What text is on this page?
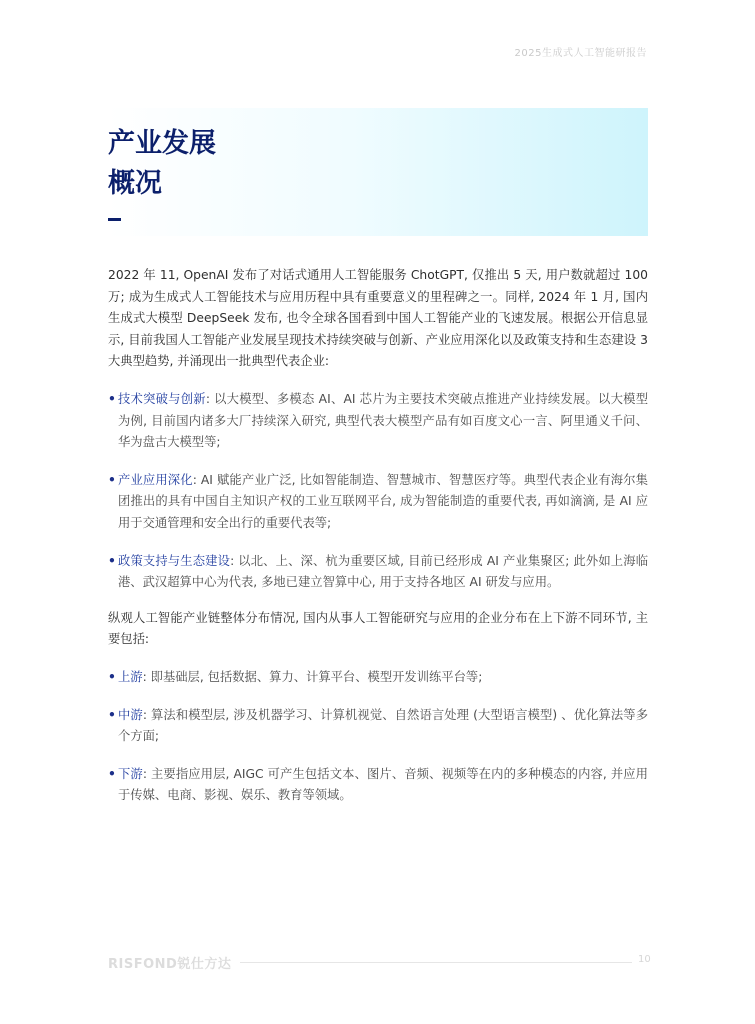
2025生成式人工智能研报告
产业发展
概况

2022 年 11, OpenAI 发布了对话式通用人工智能服务 ChotGPT, 仅推出 5 天, 用户数就超过 100 万; 成为生成式人工智能技术与应用历程中具有重要意义的里程碑之一。同样, 2024 年 1 月, 国内生成式大模型 DeepSeek 发布, 也令全球各国看到中国人工智能产业的飞速发展。根据公开信息显示, 目前我国人工智能产业发展呈现技术持续突破与创新、产业应用深化以及政策支持和生态建设 3 大典型趋势, 并涌现出一批典型代表企业:

• 技术突破与创新: 以大模型、多模态 AI、AI 芯片为主要技术突破点推进产业持续发展。以大模型为例, 目前国内诸多大厂持续深入研究, 典型代表大模型产品有如百度文心一言、阿里通义千问、华为盘古大模型等;
• 产业应用深化: AI 赋能产业广泛, 比如智能制造、智慧城市、智慧医疗等。典型代表企业有海尔集团推出的具有中国自主知识产权的工业互联网平台, 成为智能制造的重要代表, 再如滴滴, 是 AI 应用于交通管理和安全出行的重要代表等;
• 政策支持与生态建设: 以北、上、深、杭为重要区域, 目前已经形成 AI 产业集聚区; 此外如上海临港、武汉超算中心为代表, 多地已建立智算中心, 用于支持各地区 AI 研发与应用。

纵观人工智能产业链整体分布情况, 国内从事人工智能研究与应用的企业分布在上下游不同环节, 主要包括:

• 上游: 即基础层, 包括数据、算力、计算平台、模型开发训练平台等;
• 中游: 算法和模型层, 涉及机器学习、计算机视觉、自然语言处理 (大型语言模型) 、优化算法等多个方面;
• 下游: 主要指应用层, AIGC 可产生包括文本、图片、音频、视频等在内的多种模态的内容, 并应用于传媒、电商、影视、娱乐、教育等领域。
RISFOND锐仕方达	10
